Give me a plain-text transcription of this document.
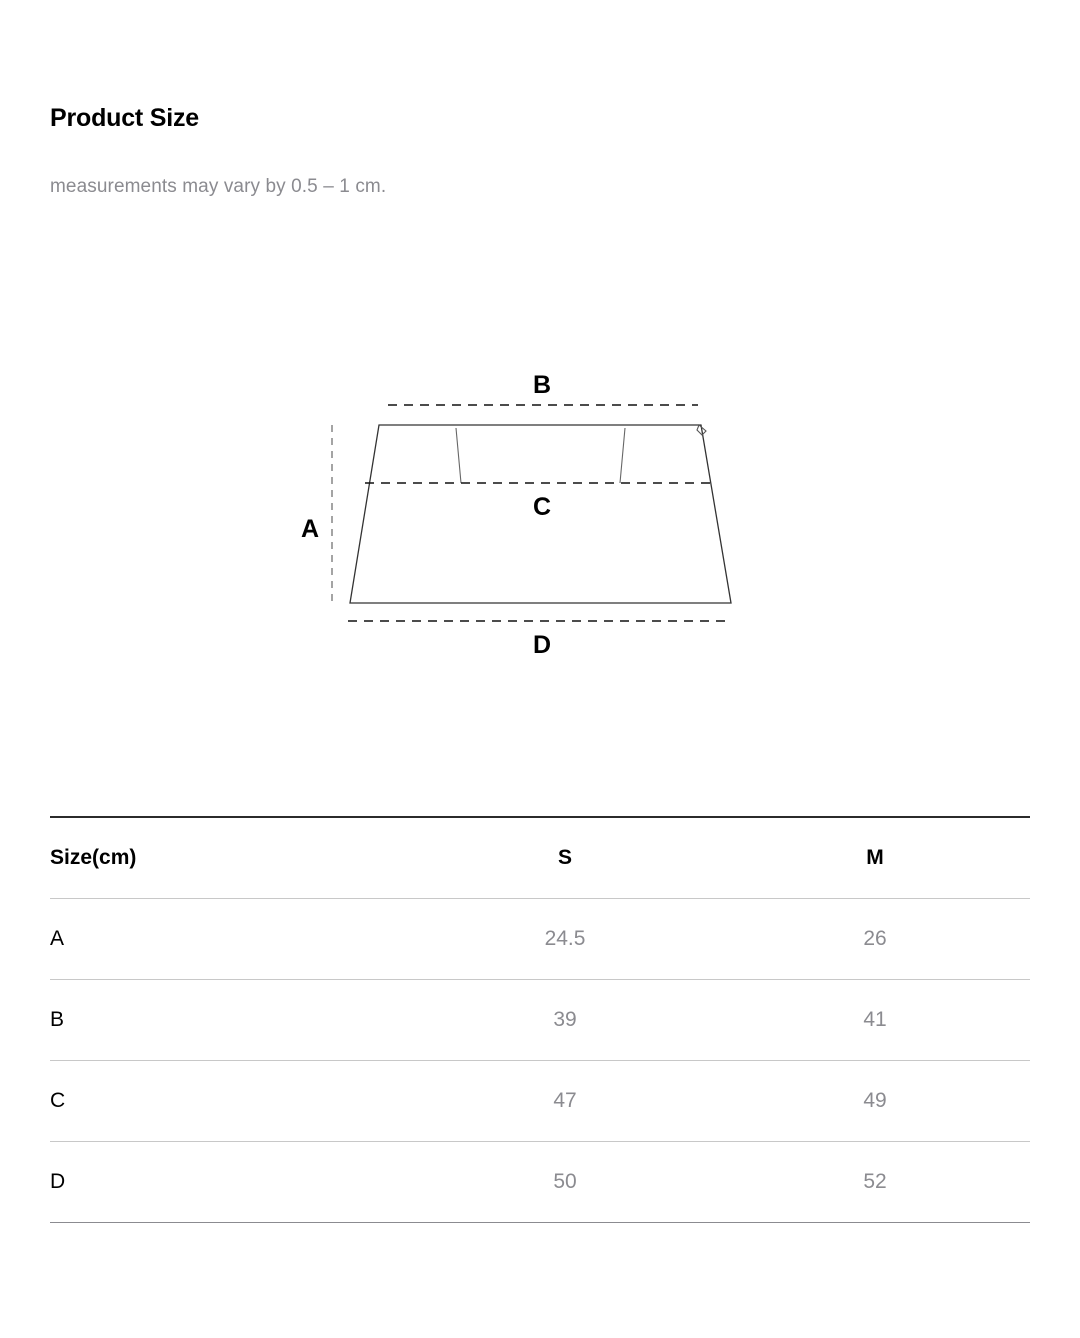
Product Size

measurements may vary by 0.5 – 1 cm.

B
A
C
D
Size(cm)	S	M
A	24.5	26
B	39	41
C	47	49
D	50	52
